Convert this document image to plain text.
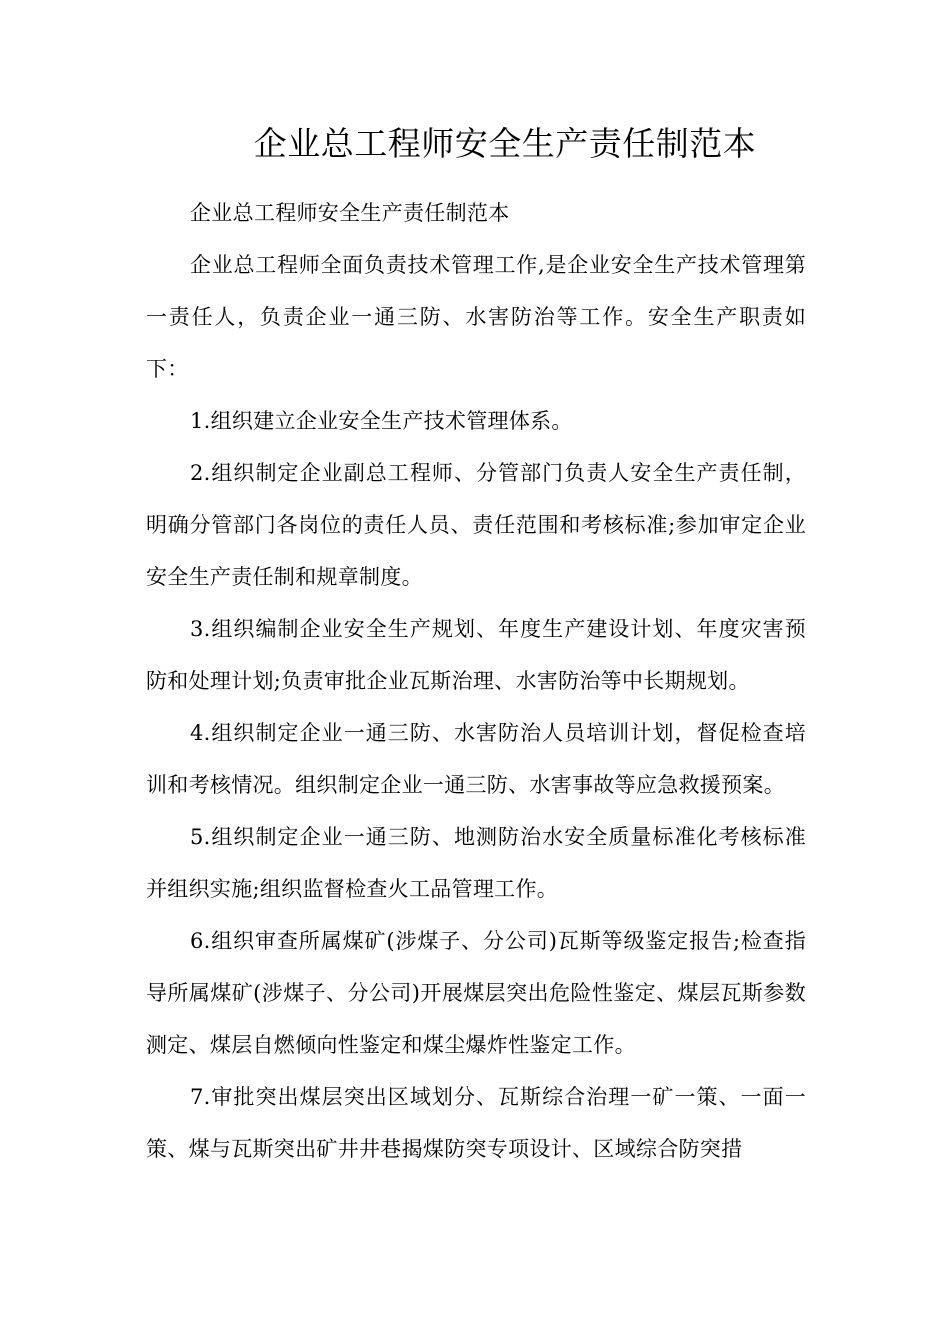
企业总工程师安全生产责任制范本

企业总工程师安全生产责任制范本

企业总工程师全面负责技术管理工作,是企业安全生产技术管理第一责任人，负责企业一通三防、水害防治等工作。安全生产职责如下：

1.组织建立企业安全生产技术管理体系。

2.组织制定企业副总工程师、分管部门负责人安全生产责任制，明确分管部门各岗位的责任人员、责任范围和考核标准;参加审定企业安全生产责任制和规章制度。

3.组织编制企业安全生产规划、年度生产建设计划、年度灾害预防和处理计划;负责审批企业瓦斯治理、水害防治等中长期规划。

4.组织制定企业一通三防、水害防治人员培训计划，督促检查培训和考核情况。组织制定企业一通三防、水害事故等应急救援预案。

5.组织制定企业一通三防、地测防治水安全质量标准化考核标准并组织实施;组织监督检查火工品管理工作。

6.组织审查所属煤矿(涉煤子、分公司)瓦斯等级鉴定报告;检查指导所属煤矿(涉煤子、分公司)开展煤层突出危险性鉴定、煤层瓦斯参数测定、煤层自燃倾向性鉴定和煤尘爆炸性鉴定工作。

7.审批突出煤层突出区域划分、瓦斯综合治理一矿一策、一面一策、煤与瓦斯突出矿井井巷揭煤防突专项设计、区域综合防突措
